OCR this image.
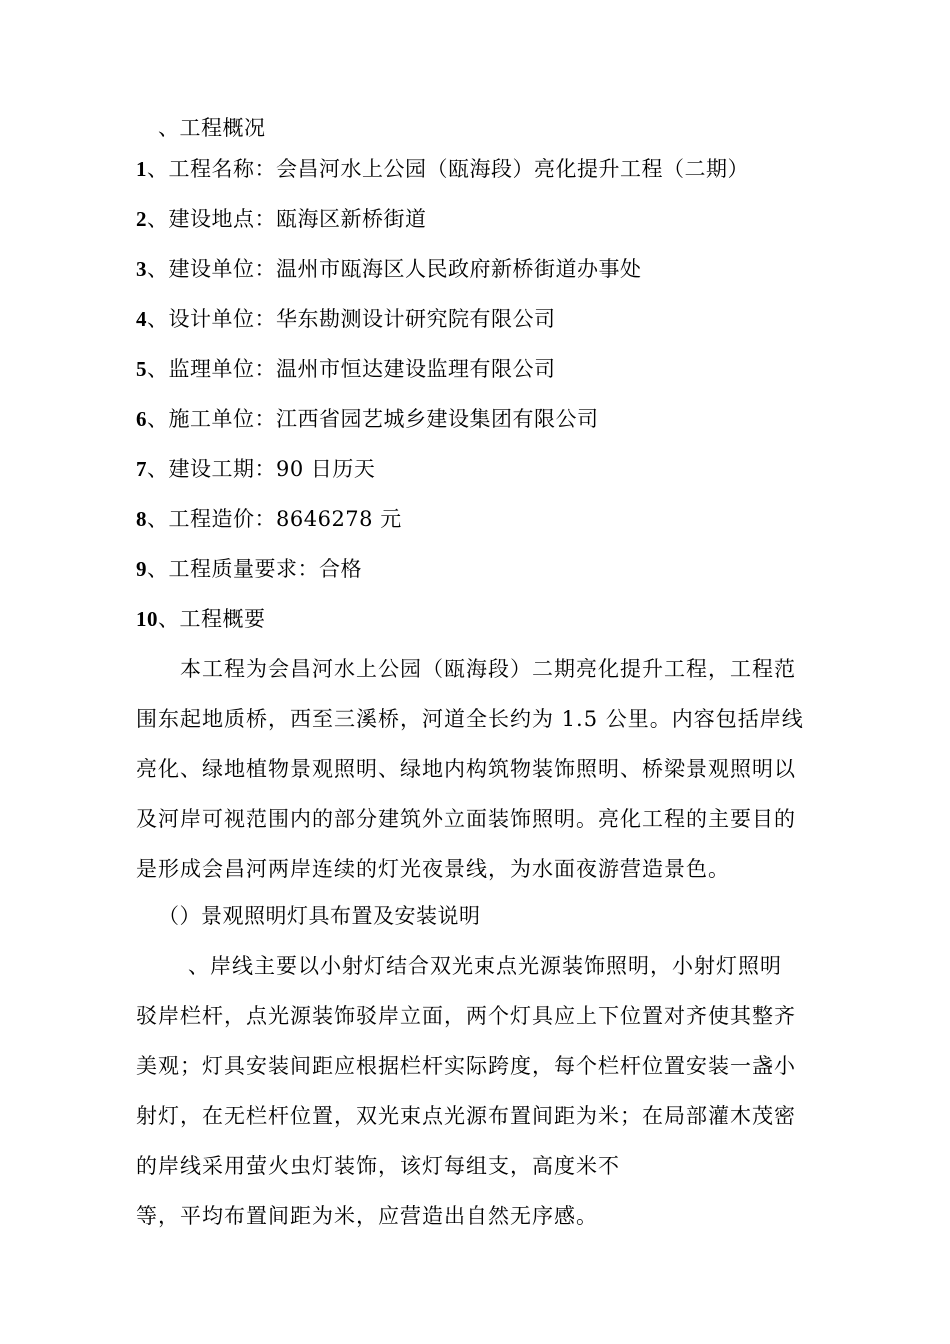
、工程概况
1、工程名称：会昌河水上公园（瓯海段）亮化提升工程（二期）
2、建设地点：瓯海区新桥街道
3、建设单位：温州市瓯海区人民政府新桥街道办事处
4、设计单位：华东勘测设计研究院有限公司
5、监理单位：温州市恒达建设监理有限公司
6、施工单位：江西省园艺城乡建设集团有限公司
7、建设工期：90 日历天
8、工程造价：8646278 元
9、工程质量要求：合格
10、工程概要
本工程为会昌河水上公园（瓯海段）二期亮化提升工程，工程范
围东起地质桥，西至三溪桥，河道全长约为 1.5 公里。内容包括岸线
亮化、绿地植物景观照明、绿地内构筑物装饰照明、桥梁景观照明以
及河岸可视范围内的部分建筑外立面装饰照明。亮化工程的主要目的
是形成会昌河两岸连续的灯光夜景线，为水面夜游营造景色。
（）景观照明灯具布置及安装说明
、岸线主要以小射灯结合双光束点光源装饰照明，小射灯照明
驳岸栏杆，点光源装饰驳岸立面，两个灯具应上下位置对齐使其整齐
美观；灯具安装间距应根据栏杆实际跨度，每个栏杆位置安装一盏小
射灯，在无栏杆位置，双光束点光源布置间距为米；在局部灌木茂密
的岸线采用萤火虫灯装饰，该灯每组支，高度米不
等，平均布置间距为米，应营造出自然无序感。
